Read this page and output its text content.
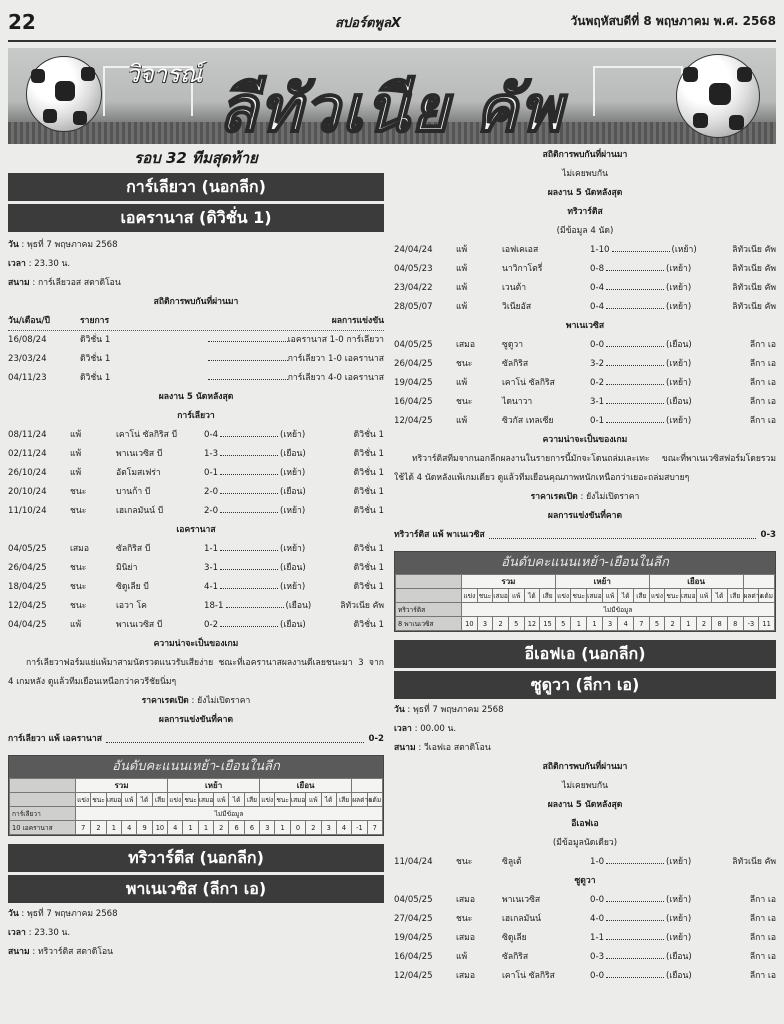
22	สปอร์ตพูลX	วันพฤหัสบดีที่ 8 พฤษภาคม พ.ศ. 2568
วิจารณ์ ลีทัวเนีย คัพ
รอบ 32 ทีมสุดท้าย
การ์เลียวา (นอกลีก)
เอครานาส (ดิวิชั่น 1)
วัน : พุธที่ 7 พฤษภาคม 2568
เวลา : 23.30 น.
สนาม : การ์เลียวอส สตาดิโอน
สถิติการพบกันที่ผ่านมา
วัน/เดือน/ปี	รายการ	ผลการแข่งขัน
16/08/24	ดิวิชั่น 1	เอครานาส 1-0 การ์เลียวา
23/03/24	ดิวิชั่น 1	การ์เลียวา 1-0 เอครานาส
04/11/23	ดิวิชั่น 1	การ์เลียวา 4-0 เอครานาส
ผลงาน 5 นัดหลังสุด
การ์เลียวา
08/11/24	แพ้	เคาโน่ ซัลกิริส บี	0-4	(เหย้า)	ดิวิชั่น 1
02/11/24	แพ้	พาเนเวซิส บี	1-3	(เยือน)	ดิวิชั่น 1
26/10/24	แพ้	อัตโมสเฟร่า	0-1	(เหย้า)	ดิวิชั่น 1
20/10/24	ชนะ	บานก้า บี	2-0	(เยือน)	ดิวิชั่น 1
11/10/24	ชนะ	เฮเกลมันน์ บี	2-0	(เหย้า)	ดิวิชั่น 1
เอครานาส
04/05/25	เสมอ	ซัลกิริส บี	1-1	(เหย้า)	ดิวิชั่น 1
26/04/25	ชนะ	มินิย่า	3-1	(เยือน)	ดิวิชั่น 1
18/04/25	ชนะ	ซิดูเลีย บี	4-1	(เหย้า)	ดิวิชั่น 1
12/04/25	ชนะ	เอวา โค	18-1	(เยือน)	ลิทัวเนีย คัพ
04/04/25	แพ้	พาเนเวซิส บี	0-2	(เยือน)	ดิวิชั่น 1
ความน่าจะเป็นของเกม
การ์เลียวาฟอร์มแย่แพ้มาสามนัดรวดแนวรับเสียง่าย ชณะที่เอครานาสผลงานดีเลยชนะมา 3 จาก 4 เกมหลัง ดูแล้วทีมเยือนเหนือกว่าควรีชัยนิ่มๆ
ราคาเรตเปิด : ยังไม่เปิดราคา
ผลการแข่งขันที่คาด
การ์เลียวา แพ้ เอครานาส	0-2
อันดับคะแนนเหย้า-เยือนในลีก
	รวม						เหย้า						เยือน							
	แข่ง	ชนะ	เสมอ	แพ้	ได้	เสีย	แข่ง	ชนะ	เสมอ	แพ้	ได้	เสีย	แข่ง	ชนะ	เสมอ	แพ้	ได้	เสีย	ผลต่าง	แต้ม
การ์เลียวา	ไม่มีข้อมูล																			
10 เอครานาส	7	2	1	4	9	10	4	1	1	2	6	6	3	1	0	2	3	4	-1	7
ทริวาร์ตีส (นอกลีก)
พาเนเวซิส (ลีกา เอ)
วัน : พุธที่ 7 พฤษภาคม 2568
เวลา : 23.30 น.
สนาม : ทริวาร์ติส สตาดิโอน
สถิติการพบกันที่ผ่านมา
ไม่เคยพบกัน
ผลงาน 5 นัดหลังสุด
ทริวาร์ติส
(มีข้อมูล 4 นัด)
24/04/24	แพ้	เอฟเคเอส	1-10	(เหย้า)	ลิทัวเนีย คัพ
04/05/23	แพ้	นาวิกาโตรี่	0-8	(เหย้า)	ลิทัวเนีย คัพ
23/04/22	แพ้	เวนต้า	0-4	(เหย้า)	ลิทัวเนีย คัพ
28/05/07	แพ้	วิเนียอัส	0-4	(เหย้า)	ลิทัวเนีย คัพ
พาเนเวซิส
04/05/25	เสมอ	ซูดูวา	0-0	(เยือน)	ลีกา เอ
26/04/25	ชนะ	ซัลกิริส	3-2	(เหย้า)	ลีกา เอ
19/04/25	แพ้	เคาโน่ ซัลกิริส	0-2	(เหย้า)	ลีกา เอ
16/04/25	ชนะ	ไดนาวา	3-1	(เยือน)	ลีกา เอ
12/04/25	แพ้	ซิวกัส เทลเซีย	0-1	(เหย้า)	ลีกา เอ
ความน่าจะเป็นของเกม
ทริวาร์ติสทีมจากนอกลีกผลงานในรายการนี้มักจะโดนถล่มเละเทะ ขณะที่พาเนเวซิสฟอร์มโดยรวมใช้ได้ 4 นัดหลังแพ้เกมเดียว ดูแล้วทีมเยือนคุณภาพหนักเหนือกว่าเยอะถล่มสบายๆ
ราคาเรตเปิด : ยังไม่เปิดราคา
ผลการแข่งขันที่คาด
ทริวาร์ติส แพ้ พาเนเวซิส	0-3
อันดับคะแนนเหย้า-เยือนในลีก
	รวม						เหย้า						เยือน							
	แข่ง	ชนะ	เสมอ	แพ้	ได้	เสีย	แข่ง	ชนะ	เสมอ	แพ้	ได้	เสีย	แข่ง	ชนะ	เสมอ	แพ้	ได้	เสีย	ผลต่าง	แต้ม
ทริวาร์ติส	ไม่มีข้อมูล																			
8 พาเนเวซิส	10	3	2	5	12	15	5	1	1	3	4	7	5	2	1	2	8	8	-3	11
อีเอฟเอ (นอกลีก)
ซูดูวา (ลีกา เอ)
วัน : พุธที่ 7 พฤษภาคม 2568
เวลา : 00.00 น.
สนาม : วีเอฟเอ สตาดิโอน
สถิติการพบกันที่ผ่านมา
ไม่เคยพบกัน
ผลงาน 5 นัดหลังสุด
อีเอฟเอ
(มีข้อมูลนัดเดียว)
11/04/24	ชนะ	ซิลูเต้	1-0	(เหย้า)	ลิทัวเนีย คัพ
ซูดูวา
04/05/25	เสมอ	พาเนเวซิส	0-0	(เหย้า)	ลีกา เอ
27/04/25	ชนะ	เฮเกลมันน์	4-0	(เหย้า)	ลีกา เอ
19/04/25	เสมอ	ซิดูเลีย	1-1	(เหย้า)	ลีกา เอ
16/04/25	แพ้	ซัลกิริส	0-3	(เยือน)	ลีกา เอ
12/04/25	เสมอ	เคาโน่ ซัลกิริส	0-0	(เยือน)	ลีกา เอ
